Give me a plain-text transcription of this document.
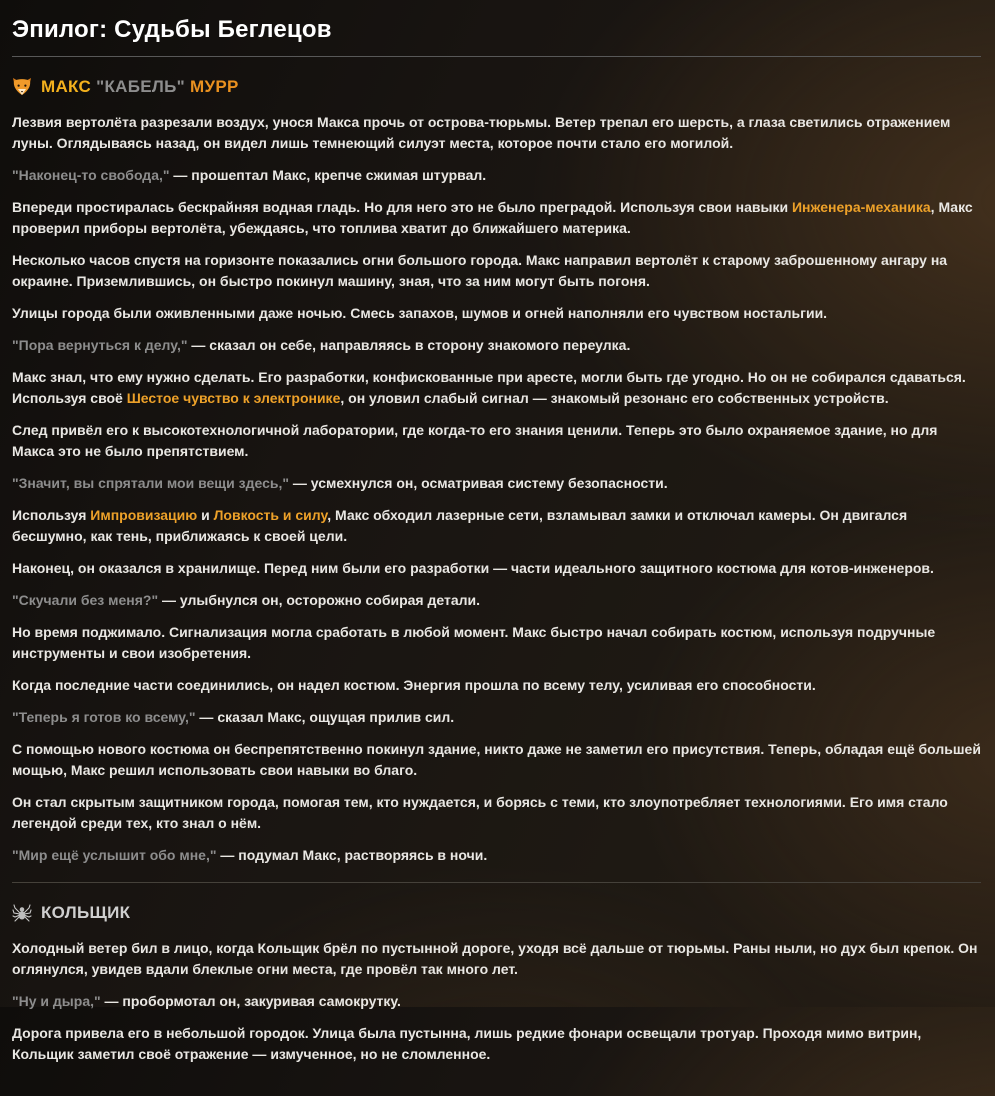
Эпилог: Судьбы Беглецов
МАКС "КАБЕЛЬ" МУРР

Лезвия вертолёта разрезали воздух, унося Макса прочь от острова-тюрьмы. Ветер трепал его шерсть, а глаза светились отражением луны. Оглядываясь назад, он видел лишь темнеющий силуэт места, которое почти стало его могилой.

"Наконец-то свобода," — прошептал Макс, крепче сжимая штурвал.

Впереди простиралась бескрайняя водная гладь. Но для него это не было преградой. Используя свои навыки Инженера-механика, Макс проверил приборы вертолёта, убеждаясь, что топлива хватит до ближайшего материка.

Несколько часов спустя на горизонте показались огни большого города. Макс направил вертолёт к старому заброшенному ангару на окраине. Приземлившись, он быстро покинул машину, зная, что за ним могут быть погоня.

Улицы города были оживленными даже ночью. Смесь запахов, шумов и огней наполняли его чувством ностальгии.

"Пора вернуться к делу," — сказал он себе, направляясь в сторону знакомого переулка.

Макс знал, что ему нужно сделать. Его разработки, конфискованные при аресте, могли быть где угодно. Но он не собирался сдаваться. Используя своё Шестое чувство к электронике, он уловил слабый сигнал — знакомый резонанс его собственных устройств.

След привёл его к высокотехнологичной лаборатории, где когда-то его знания ценили. Теперь это было охраняемое здание, но для Макса это не было препятствием.

"Значит, вы спрятали мои вещи здесь," — усмехнулся он, осматривая систему безопасности.

Используя Импровизацию и Ловкость и силу, Макс обходил лазерные сети, взламывал замки и отключал камеры. Он двигался бесшумно, как тень, приближаясь к своей цели.

Наконец, он оказался в хранилище. Перед ним были его разработки — части идеального защитного костюма для котов-инженеров.

"Скучали без меня?" — улыбнулся он, осторожно собирая детали.

Но время поджимало. Сигнализация могла сработать в любой момент. Макс быстро начал собирать костюм, используя подручные инструменты и свои изобретения.

Когда последние части соединились, он надел костюм. Энергия прошла по всему телу, усиливая его способности.

"Теперь я готов ко всему," — сказал Макс, ощущая прилив сил.

С помощью нового костюма он беспрепятственно покинул здание, никто даже не заметил его присутствия. Теперь, обладая ещё большей мощью, Макс решил использовать свои навыки во благо.

Он стал скрытым защитником города, помогая тем, кто нуждается, и борясь с теми, кто злоупотребляет технологиями. Его имя стало легендой среди тех, кто знал о нём.

"Мир ещё услышит обо мне," — подумал Макс, растворяясь в ночи.

КОЛЬЩИК

Холодный ветер бил в лицо, когда Кольщик брёл по пустынной дороге, уходя всё дальше от тюрьмы. Раны ныли, но дух был крепок. Он оглянулся, увидев вдали блеклые огни места, где провёл так много лет.

"Ну и дыра," — пробормотал он, закуривая самокрутку.

Дорога привела его в небольшой городок. Улица была пустынна, лишь редкие фонари освещали тротуар. Проходя мимо витрин, Кольщик заметил своё отражение — измученное, но не сломленное.
